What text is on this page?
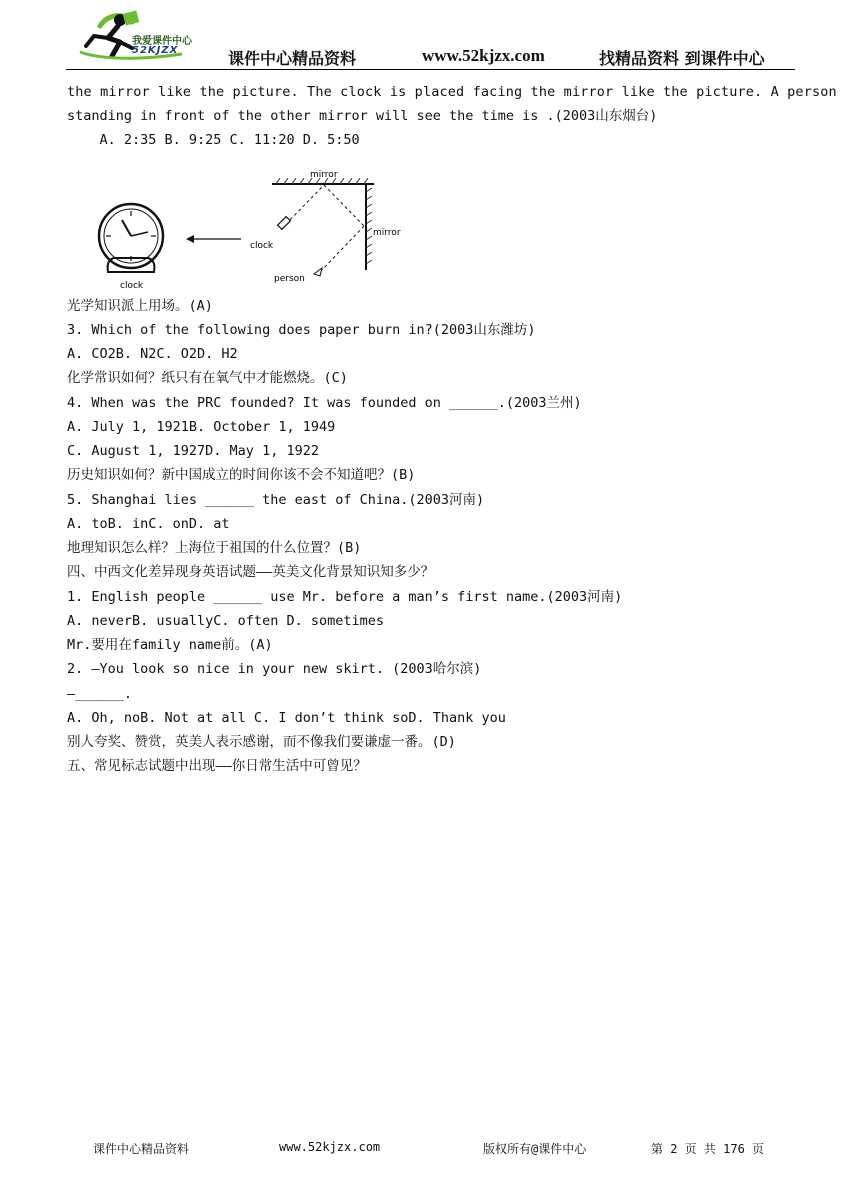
我爱课件中心
52KJZX	课件中心精品资料	www.52kjzx.com	找精品资料 到课件中心
the mirror like the picture. The clock is placed facing the mirror like the picture. A person
standing in front of the other mirror will see the time is .(2003山东烟台)
A. 2:35 B. 9:25 C. 11:20 D. 5:50
光学知识派上用场。(A)
3. Which of the following does paper burn in?(2003山东潍坊)
A. CO2B. N2C. O2D. H2
化学常识如何？纸只有在氧气中才能燃烧。(C)
4. When was the PRC founded? It was founded on ______.(2003兰州)
A. July 1, 1921B. October 1, 1949
C. August 1, 1927D. May 1, 1922
历史知识如何？新中国成立的时间你该不会不知道吧？(B)
5. Shanghai lies ______ the east of China.(2003河南)
A. toB. inC. onD. at
地理知识怎么样？上海位于祖国的什么位置？(B)
四、中西文化差异现身英语试题——英美文化背景知识知多少？
1. English people ______ use Mr. before a man’s first name.(2003河南)
A. neverB. usuallyC. often D. sometimes
Mr.要用在family name前。(A)
2. —You look so nice in your new skirt. (2003哈尔滨)
—______.
A. Oh, noB. Not at all C. I don’t think soD. Thank you
别人夸奖、赞赏，英美人表示感谢，而不像我们要谦虚一番。(D)
五、常见标志试题中出现——你日常生活中可曾见？
mirror
mirror
clock
person
clock
课件中心精品资料	www.52kjzx.com	版权所有@课件中心	第 2 页 共 176 页
